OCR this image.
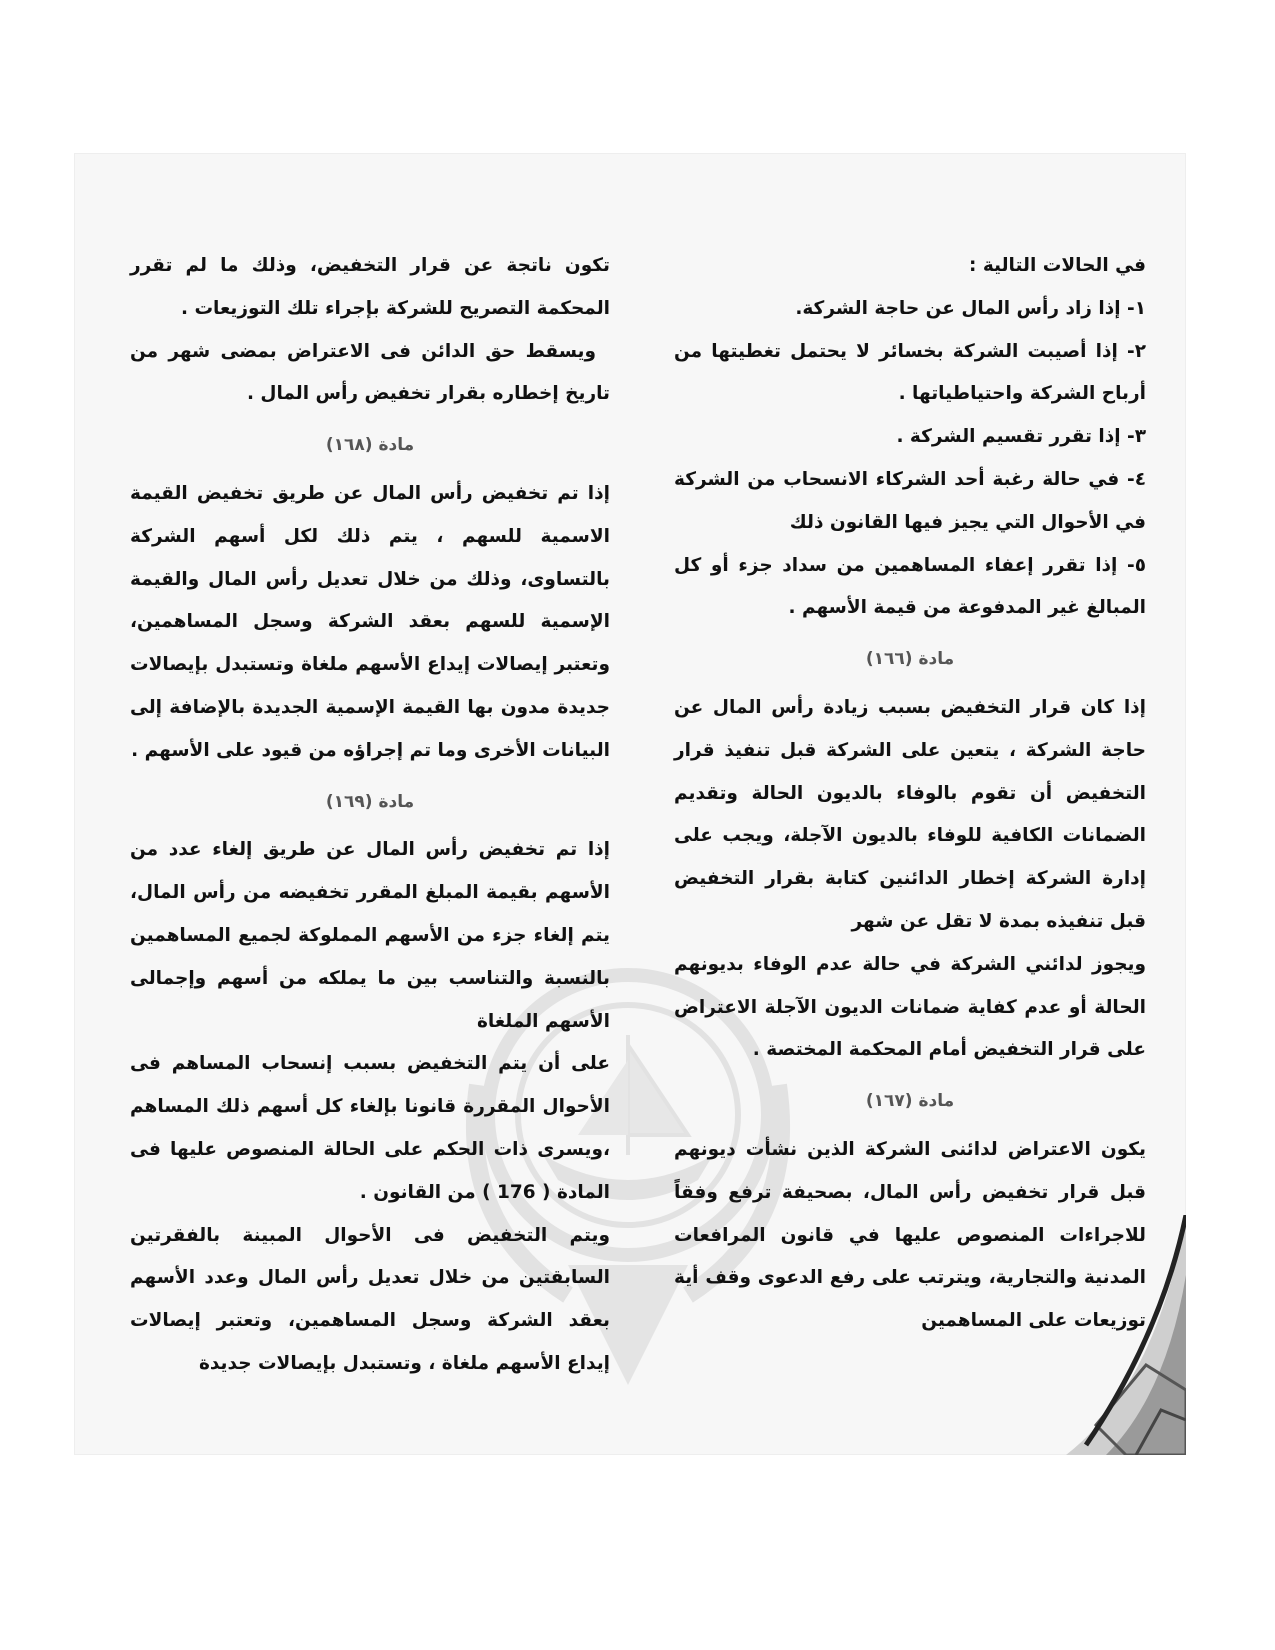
في الحالات التالية :

١- إذا زاد رأس المال عن حاجة الشركة.

٢- إذا أصيبت الشركة بخسائر لا يحتمل تغطيتها من أرباح الشركة واحتياطياتها .

٣- إذا تقرر تقسيم الشركة .

٤- في حالة رغبة أحد الشركاء الانسحاب من الشركة في الأحوال التي يجيز فيها القانون ذلك

٥- إذا تقرر إعفاء المساهمين من سداد جزء أو كل المبالغ غير المدفوعة من قيمة الأسهم .

مادة (١٦٦)

إذا كان قرار التخفيض بسبب زيادة رأس المال عن حاجة الشركة ، يتعين على الشركة قبل تنفيذ قرار التخفيض أن تقوم بالوفاء بالديون الحالة وتقديم الضمانات الكافية للوفاء بالديون الآجلة، ويجب على إدارة الشركة إخطار الدائنين كتابة بقرار التخفيض قبل تنفيذه بمدة لا تقل عن شهر

ويجوز لدائني الشركة في حالة عدم الوفاء بديونهم الحالة أو عدم كفاية ضمانات الديون الآجلة الاعتراض على قرار التخفيض أمام المحكمة المختصة .

مادة (١٦٧)

يكون الاعتراض لدائنى الشركة الذين نشأت ديونهم قبل قرار تخفيض رأس المال، بصحيفة ترفع وفقاً للاجراءات المنصوص عليها في قانون المرافعات المدنية والتجارية، ويترتب على رفع الدعوى وقف أية توزيعات على المساهمين

تكون ناتجة عن قرار التخفيض، وذلك ما لم تقرر المحكمة التصريح للشركة بإجراء تلك التوزيعات .

ويسقط حق الدائن فى الاعتراض بمضى شهر من تاريخ إخطاره بقرار تخفيض رأس المال .

مادة (١٦٨)

إذا تم تخفيض رأس المال عن طريق تخفيض القيمة الاسمية للسهم ، يتم ذلك لكل أسهم الشركة بالتساوى، وذلك من خلال تعديل رأس المال والقيمة الإسمية للسهم بعقد الشركة وسجل المساهمين، وتعتبر إيصالات إيداع الأسهم ملغاة وتستبدل بإيصالات جديدة مدون بها القيمة الإسمية الجديدة بالإضافة إلى البيانات الأخرى وما تم إجراؤه من قيود على الأسهم .

مادة (١٦٩)

إذا تم تخفيض رأس المال عن طريق إلغاء عدد من الأسهم بقيمة المبلغ المقرر تخفيضه من رأس المال، يتم إلغاء جزء من الأسهم المملوكة لجميع المساهمين بالنسبة والتناسب بين ما يملكه من أسهم وإجمالى الأسهم الملغاة

على أن يتم التخفيض بسبب إنسحاب المساهم فى الأحوال المقررة قانونا بإلغاء كل أسهم ذلك المساهم ،ويسرى ذات الحكم على الحالة المنصوص عليها فى المادة ( 176 ) من القانون .

ويتم التخفيض فى الأحوال المبينة بالفقرتين السابقتين من خلال تعديل رأس المال وعدد الأسهم بعقد الشركة وسجل المساهمين، وتعتبر إيصالات إيداع الأسهم ملغاة ، وتستبدل بإيصالات جديدة
